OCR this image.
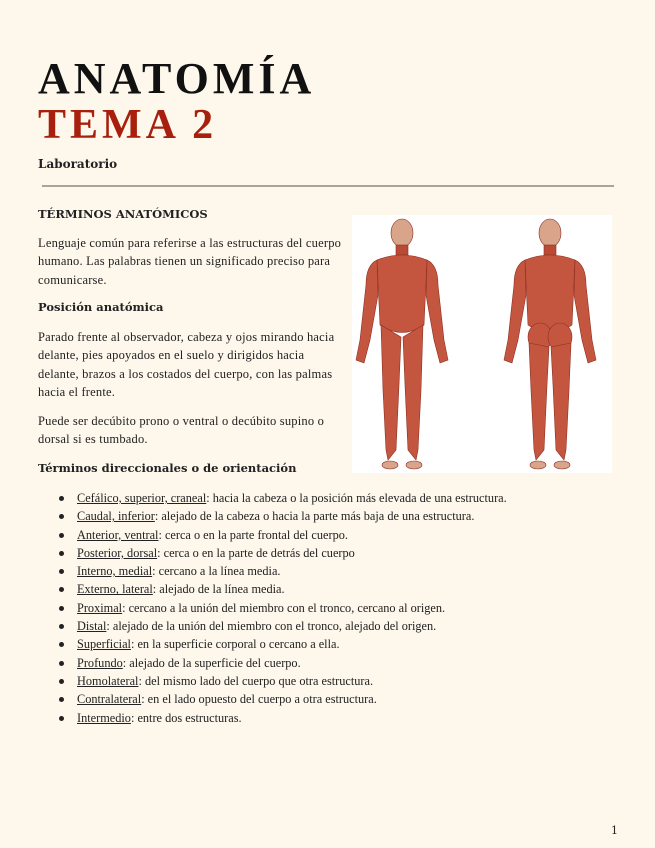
ANATOMÍA
TEMA 2
Laboratorio
TÉRMINOS ANATÓMICOS
Lenguaje común para referirse a las estructuras del cuerpo humano. Las palabras tienen un significado preciso para comunicarse.
Posición anatómica
Parado frente al observador, cabeza y ojos mirando hacia delante, pies apoyados en el suelo y dirigidos hacia delante, brazos a los costados del cuerpo, con las palmas hacia el frente.
Puede ser decúbito prono o ventral o decúbito supino o dorsal si es tumbado.
Términos direccionales o de orientación
Cefálico, superior, craneal: hacia la cabeza o la posición más elevada de una estructura.
Caudal, inferior: alejado de la cabeza o hacia la parte más baja de una estructura.
Anterior, ventral: cerca o en la parte frontal del cuerpo.
Posterior, dorsal: cerca o en la parte de detrás del cuerpo
Interno, medial: cercano a la línea media.
Externo, lateral: alejado de la línea media.
Proximal: cercano a la unión del miembro con el tronco, cercano al origen.
Distal: alejado de la unión del miembro con el tronco, alejado del origen.
Superficial: en la superficie corporal o cercano a ella.
Profundo: alejado de la superficie del cuerpo.
Homolateral: del mismo lado del cuerpo que otra estructura.
Contralateral: en el lado opuesto del cuerpo a otra estructura.
Intermedio: entre dos estructuras.
1
